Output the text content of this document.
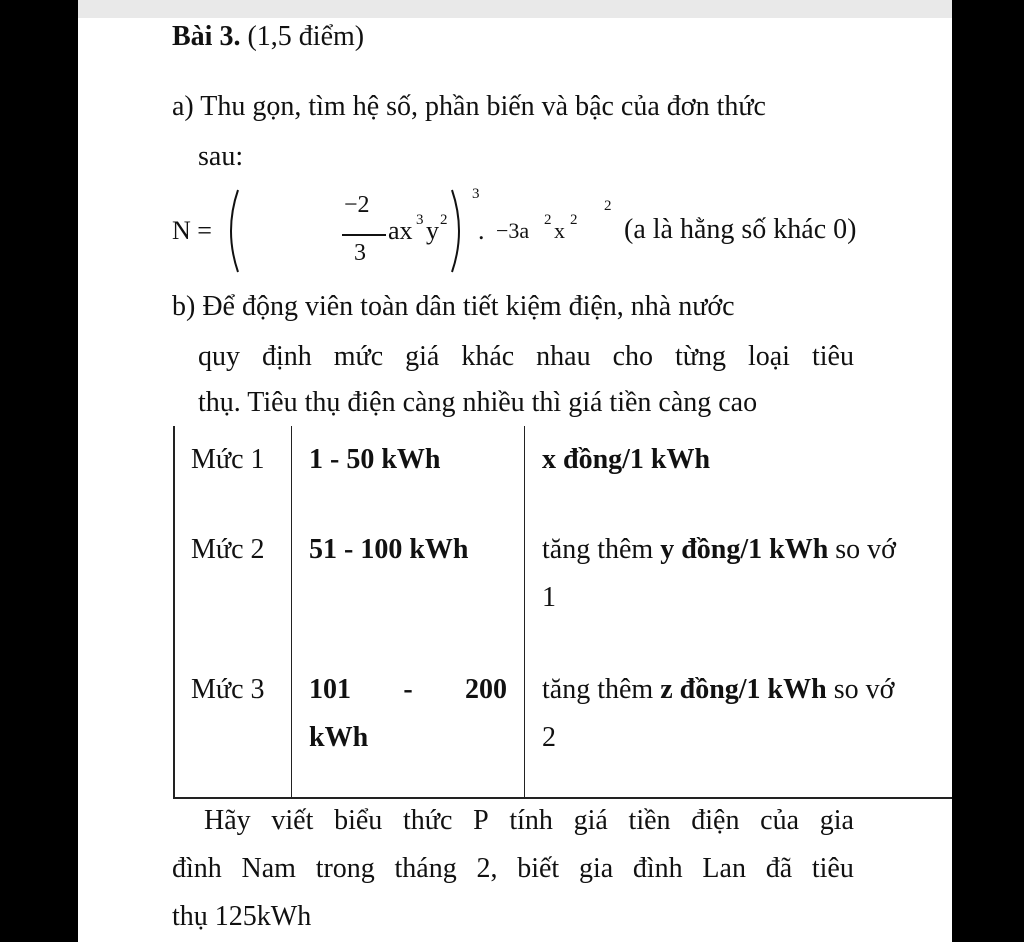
Bài 3. (1,5 điểm)
a) Thu gọn, tìm hệ số, phần biến và bậc của đơn thức
sau:
N =
−2
3
ax 3 y 2
3
. −3a 2 x 2
2
(a là hằng số khác 0)
b) Để động viên toàn dân tiết kiệm điện, nhà nước
quy định mức giá khác nhau cho từng loại tiêu
thụ. Tiêu thụ điện càng nhiều thì giá tiền càng cao
Mức 1 1 - 50 kWh	x đồng/1 kWh
Mức 2 51 - 100 kWh	tăng thêm y đồng/1 kWh so vớ
1
Mức 3 101 - 200
kWh
tăng thêm z đồng/1 kWh so vớ
2
Hãy viết biểu thức P tính giá tiền điện của gia
đình Nam trong tháng 2, biết gia đình Lan đã tiêu
thụ 125kWh
